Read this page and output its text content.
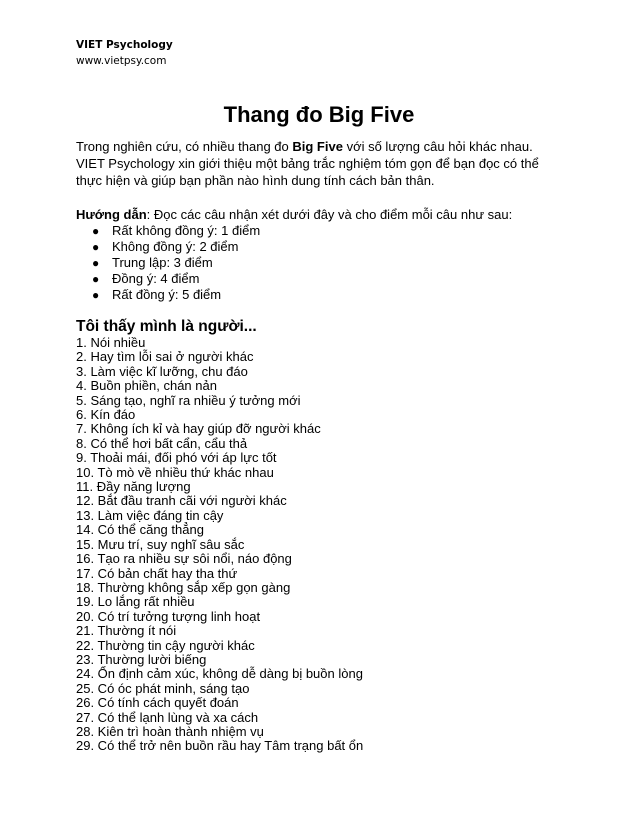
VIET Psychology
www.vietpsy.com
Thang đo Big Five
Trong nghiên cứu, có nhiều thang đo Big Five với số lượng câu hỏi khác nhau. VIET Psychology xin giới thiệu một bảng trắc nghiệm tóm gọn để bạn đọc có thể thực hiện và giúp bạn phần nào hình dung tính cách bản thân.
Hướng dẫn: Đọc các câu nhận xét dưới đây và cho điểm mỗi câu như sau:
● Rất không đồng ý: 1 điểm
● Không đồng ý: 2 điểm
● Trung lập: 3 điểm
● Đồng ý: 4 điểm
● Rất đồng ý: 5 điểm
Tôi thấy mình là người...
1. Nói nhiều
2. Hay tìm lỗi sai ở người khác
3. Làm việc kĩ lưỡng, chu đáo
4. Buồn phiền, chán nản
5. Sáng tạo, nghĩ ra nhiều ý tưởng mới
6. Kín đáo
7. Không ích kỉ và hay giúp đỡ người khác
8. Có thể hơi bất cẩn, cẩu thả
9. Thoải mái, đối phó với áp lực tốt
10. Tò mò về nhiều thứ khác nhau
11. Đầy năng lượng
12. Bắt đầu tranh cãi với người khác
13. Làm việc đáng tin cậy
14. Có thể căng thẳng
15. Mưu trí, suy nghĩ sâu sắc
16. Tạo ra nhiều sự sôi nổi, náo động
17. Có bản chất hay tha thứ
18. Thường không sắp xếp gọn gàng
19. Lo lắng rất nhiều
20. Có trí tưởng tượng linh hoạt
21. Thường ít nói
22. Thường tin cậy người khác
23. Thường lười biếng
24. Ổn định cảm xúc, không dễ dàng bị buồn lòng
25. Có óc phát minh, sáng tạo
26. Có tính cách quyết đoán
27. Có thể lạnh lùng và xa cách
28. Kiên trì hoàn thành nhiệm vụ
29. Có thể trở nên buồn rầu hay Tâm trạng bất ổn
